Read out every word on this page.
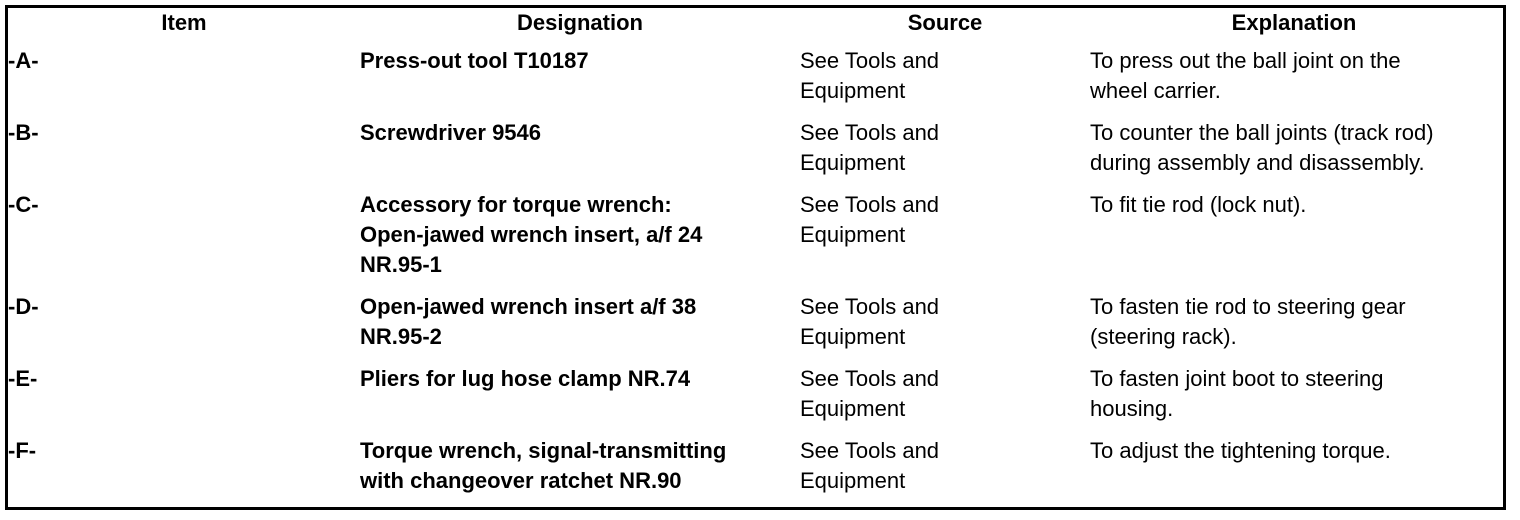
Item	Designation	Source	Explanation
-A-	Press-out tool T10187	See Tools and
Equipment	To press out the ball joint on the
wheel carrier.

-B-	Screwdriver 9546	See Tools and
Equipment	To counter the ball joints (track rod)
during assembly and disassembly.

-C-	Accessory for torque wrench:
Open-jawed wrench insert, a/f 24
NR.95-1	See Tools and
Equipment	To fit tie rod (lock nut).

-D-	Open-jawed wrench insert a/f 38
NR.95-2	See Tools and
Equipment	To fasten tie rod to steering gear
(steering rack).

-E-	Pliers for lug hose clamp NR.74	See Tools and
Equipment	To fasten joint boot to steering
housing.

-F-	Torque wrench, signal-transmitting
with changeover ratchet NR.90	See Tools and
Equipment	To adjust the tightening torque.
